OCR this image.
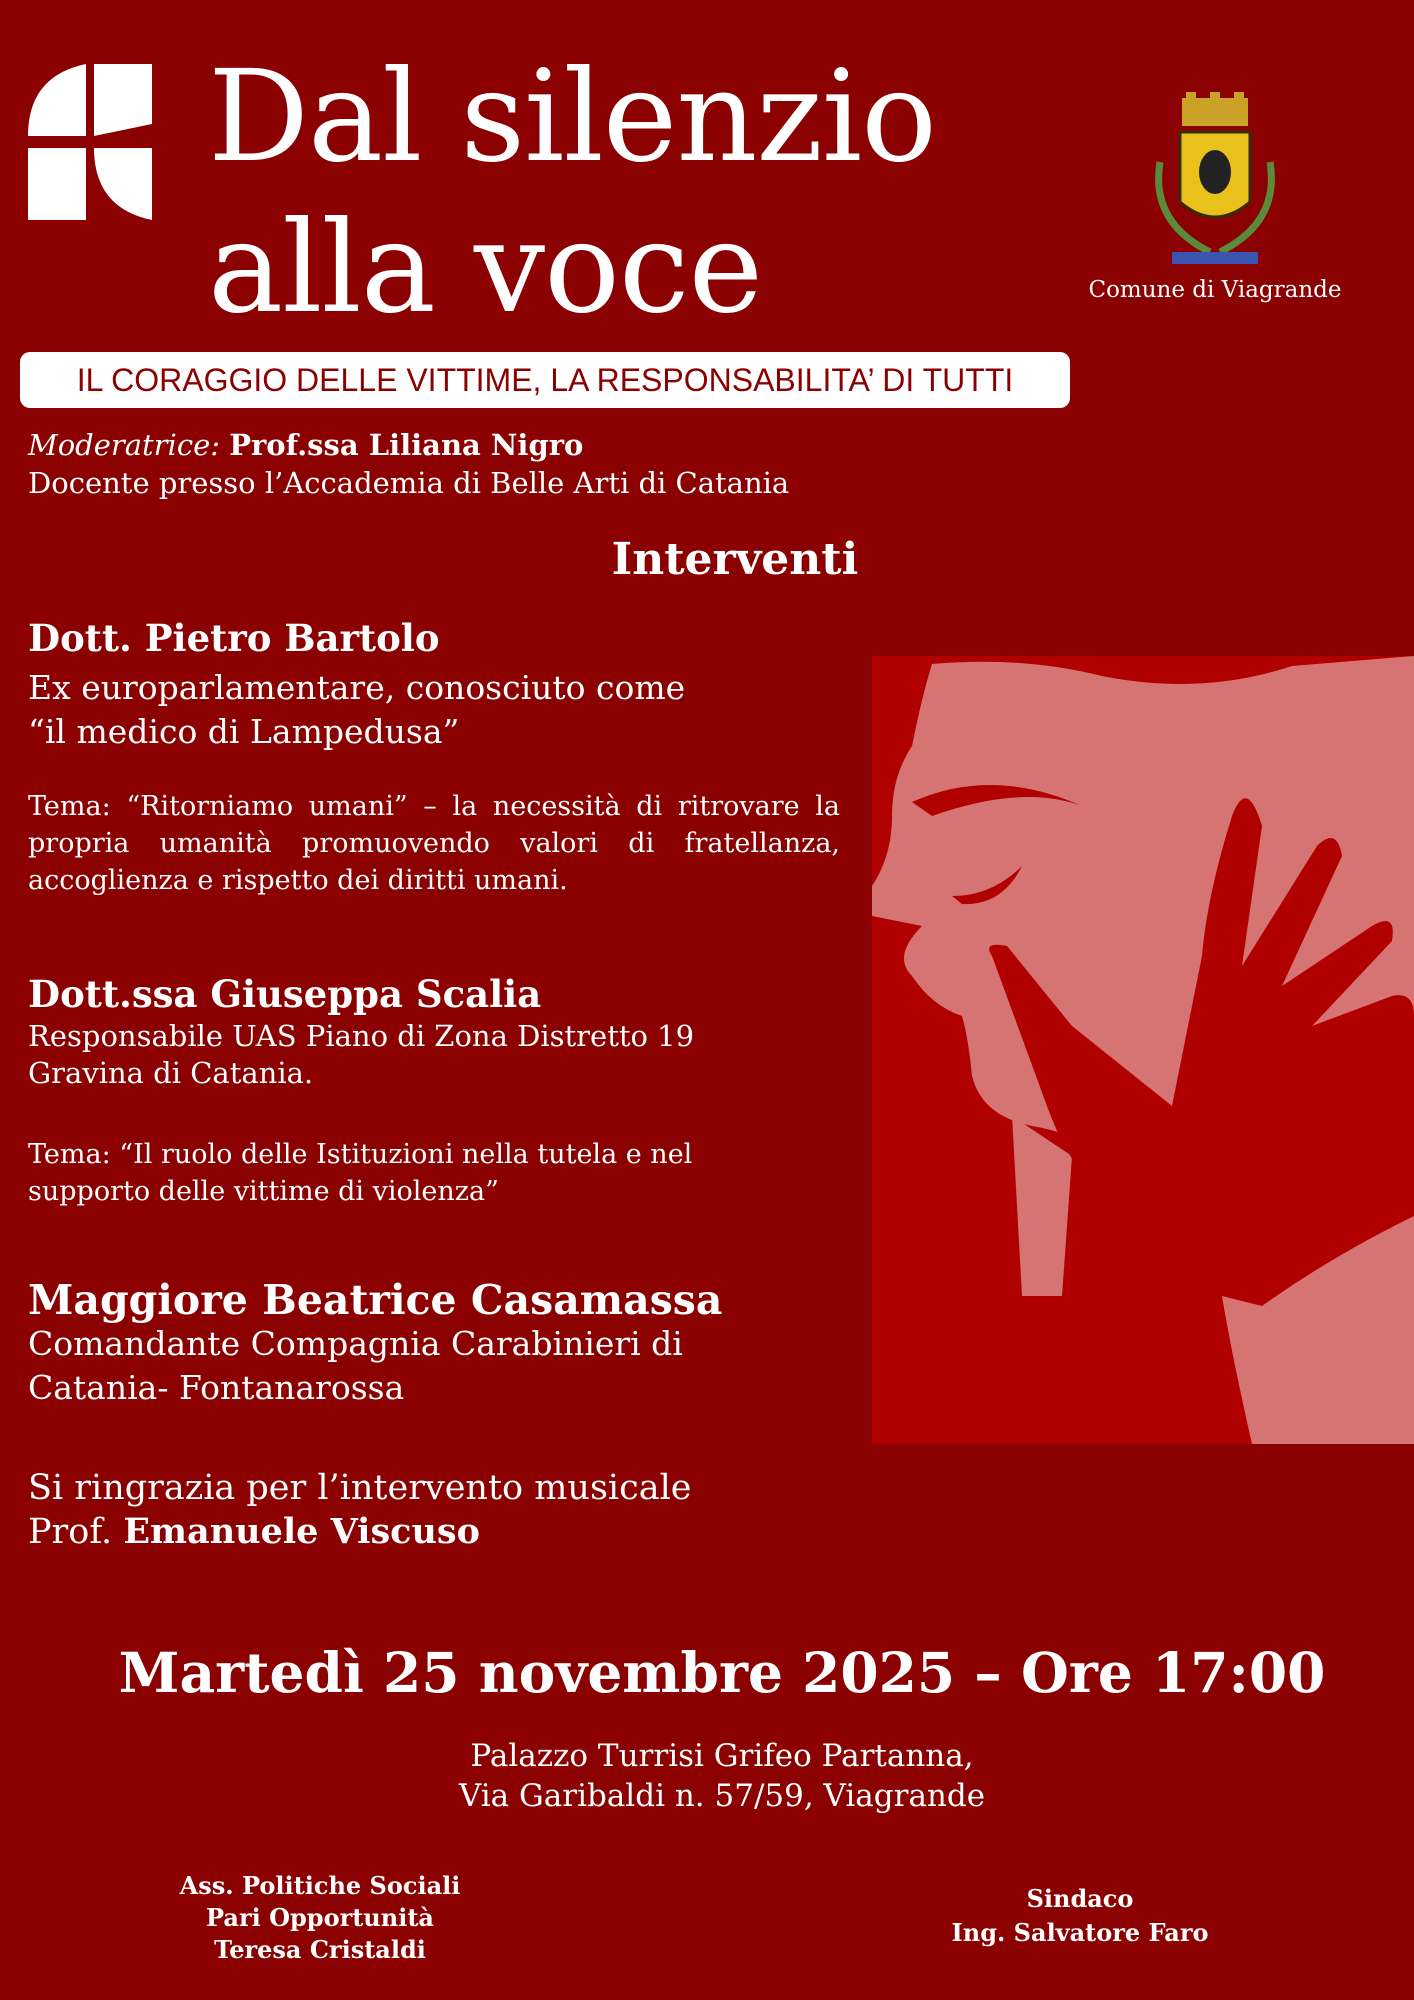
Dal silenzio
alla voce	Comune di Viagrande
IL CORAGGIO DELLE VITTIME, LA RESPONSABILITA’ DI TUTTI
Moderatrice: Prof.ssa Liliana Nigro
Docente presso l’Accademia di Belle Arti di Catania
Interventi
Dott. Pietro Bartolo
Ex europarlamentare, conosciuto come
“il medico di Lampedusa”
Tema: “Ritorniamo umani” – la necessità di ritrovare la propria umanità promuovendo valori di fratellanza, accoglienza e rispetto dei diritti umani.
Dott.ssa Giuseppa Scalia
Responsabile UAS Piano di Zona Distretto 19
Gravina di Catania.
Tema: “Il ruolo delle Istituzioni nella tutela e nel
supporto delle vittime di violenza”
Maggiore Beatrice Casamassa
Comandante Compagnia Carabinieri di
Catania- Fontanarossa
Si ringrazia per l’intervento musicale
Prof. Emanuele Viscuso
Martedì 25 novembre 2025 – Ore 17:00
Palazzo Turrisi Grifeo Partanna,
Via Garibaldi n. 57/59, Viagrande
Ass. Politiche Sociali
Pari Opportunità
Teresa Cristaldi
Sindaco
Ing. Salvatore Faro
